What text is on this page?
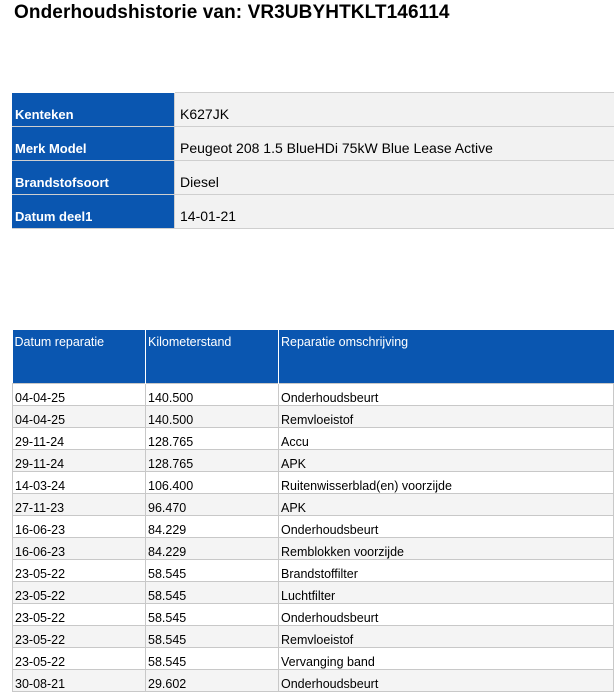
Onderhoudshistorie van: VR3UBYHTKLT146114
Kenteken	K627JK
Merk Model	Peugeot 208 1.5 BlueHDi 75kW Blue Lease Active
Brandstofsoort	Diesel
Datum deel1	14-01-21
Datum reparatie	Kilometerstand	Reparatie omschrijving
04-04-25	140.500	Onderhoudsbeurt
04-04-25	140.500	Remvloeistof
29-11-24	128.765	Accu
29-11-24	128.765	APK
14-03-24	106.400	Ruitenwisserblad(en) voorzijde
27-11-23	96.470	APK
16-06-23	84.229	Onderhoudsbeurt
16-06-23	84.229	Remblokken voorzijde
23-05-22	58.545	Brandstoffilter
23-05-22	58.545	Luchtfilter
23-05-22	58.545	Onderhoudsbeurt
23-05-22	58.545	Remvloeistof
23-05-22	58.545	Vervanging band
30-08-21	29.602	Onderhoudsbeurt
